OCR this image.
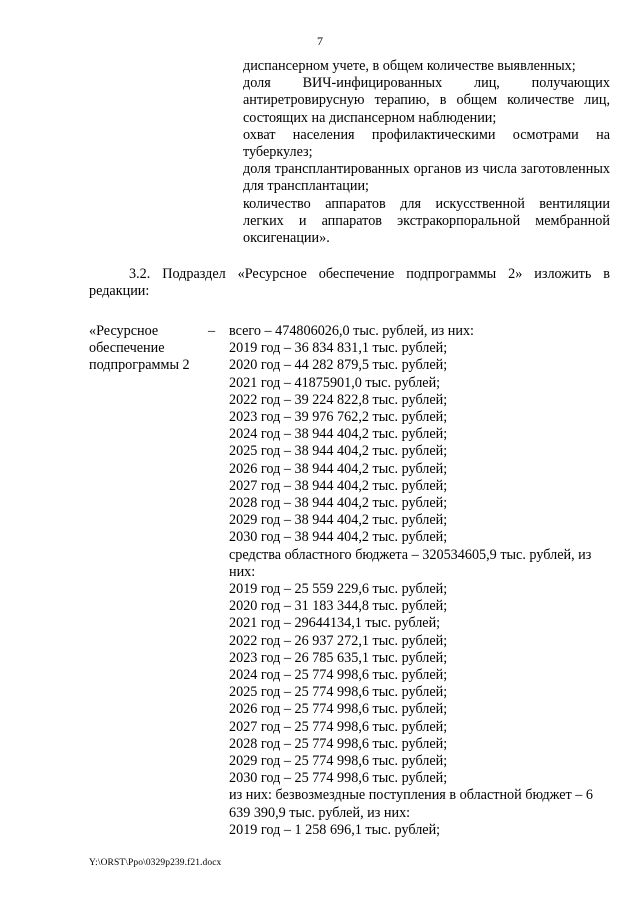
7

диспансерном учете, в общем количестве выявленных;

доля ВИЧ-инфицированных лиц, получающих антиретровирусную терапию, в общем количестве лиц, состоящих на диспансерном наблюдении;

охват населения профилактическими осмотрами на туберкулез;

доля трансплантированных органов из числа заготовленных для трансплантации;

количество аппаратов для искусственной вентиляции легких и аппаратов экстракорпоральной мембранной оксигенации».

3.2. Подраздел «Ресурсное обеспечение подпрограммы 2» изложить в редакции:

«Ресурсное
обеспечение
подпрограммы 2
– всего – 474806026,0 тыс. рублей, из них:
2019 год – 36 834 831,1 тыс. рублей;
2020 год – 44 282 879,5 тыс. рублей;
2021 год – 41875901,0 тыс. рублей;
2022 год – 39 224 822,8 тыс. рублей;
2023 год – 39 976 762,2 тыс. рублей;
2024 год – 38 944 404,2 тыс. рублей;
2025 год – 38 944 404,2 тыс. рублей;
2026 год – 38 944 404,2 тыс. рублей;
2027 год – 38 944 404,2 тыс. рублей;
2028 год – 38 944 404,2 тыс. рублей;
2029 год – 38 944 404,2 тыс. рублей;
2030 год – 38 944 404,2 тыс. рублей;
средства областного бюджета – 320534605,9 тыс. рублей, из них:
2019 год – 25 559 229,6 тыс. рублей;
2020 год – 31 183 344,8 тыс. рублей;
2021 год – 29644134,1 тыс. рублей;
2022 год – 26 937 272,1 тыс. рублей;
2023 год – 26 785 635,1 тыс. рублей;
2024 год – 25 774 998,6 тыс. рублей;
2025 год – 25 774 998,6 тыс. рублей;
2026 год – 25 774 998,6 тыс. рублей;
2027 год – 25 774 998,6 тыс. рублей;
2028 год – 25 774 998,6 тыс. рублей;
2029 год – 25 774 998,6 тыс. рублей;
2030 год – 25 774 998,6 тыс. рублей;
из них: безвозмездные поступления в областной бюджет – 6 639 390,9 тыс. рублей, из них:
2019 год – 1 258 696,1 тыс. рублей;
Y:\ORST\Ppo\0329p239.f21.docx
